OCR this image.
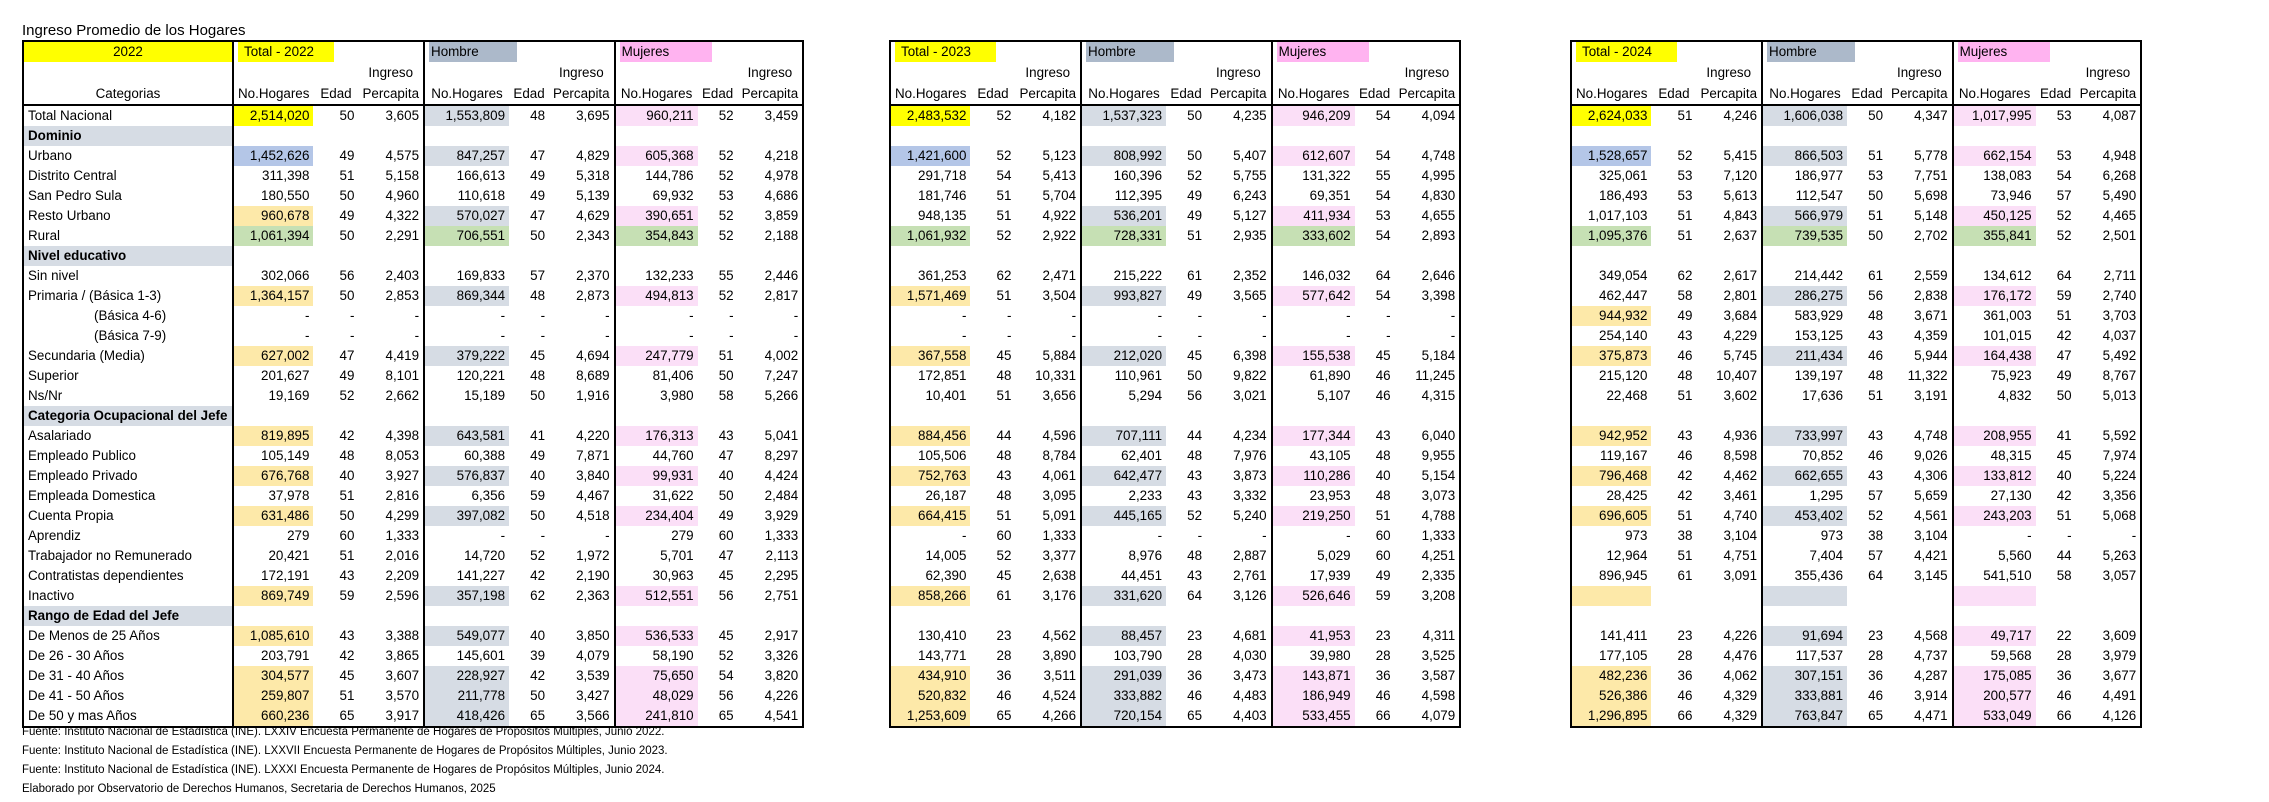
Ingreso Promedio de los Hogares
2022	Total - 2022			Hombre			Mujeres		
			Ingreso			Ingreso			Ingreso
Categorias	No.Hogares	Edad	Percapita	No.Hogares	Edad	Percapita	No.Hogares	Edad	Percapita
Total Nacional	2,514,020	50	3,605	1,553,809	48	3,695	960,211	52	3,459
Dominio									
Urbano	1,452,626	49	4,575	847,257	47	4,829	605,368	52	4,218
Distrito Central	311,398	51	5,158	166,613	49	5,318	144,786	52	4,978
San Pedro Sula	180,550	50	4,960	110,618	49	5,139	69,932	53	4,686
Resto Urbano	960,678	49	4,322	570,027	47	4,629	390,651	52	3,859
Rural	1,061,394	50	2,291	706,551	50	2,343	354,843	52	2,188
Nivel educativo									
Sin nivel	302,066	56	2,403	169,833	57	2,370	132,233	55	2,446
Primaria / (Básica 1-3)	1,364,157	50	2,853	869,344	48	2,873	494,813	52	2,817
(Básica 4-6)	-	-	-	-	-	-	-	-	-
(Básica 7-9)	-	-	-	-	-	-	-	-	-
Secundaria (Media)	627,002	47	4,419	379,222	45	4,694	247,779	51	4,002
Superior	201,627	49	8,101	120,221	48	8,689	81,406	50	7,247
Ns/Nr	19,169	52	2,662	15,189	50	1,916	3,980	58	5,266
Categoria Ocupacional del Jefe									
Asalariado	819,895	42	4,398	643,581	41	4,220	176,313	43	5,041
Empleado Publico	105,149	48	8,053	60,388	49	7,871	44,760	47	8,297
Empleado Privado	676,768	40	3,927	576,837	40	3,840	99,931	40	4,424
Empleada Domestica	37,978	51	2,816	6,356	59	4,467	31,622	50	2,484
Cuenta Propia	631,486	50	4,299	397,082	50	4,518	234,404	49	3,929
Aprendiz	279	60	1,333	-	-	-	279	60	1,333
Trabajador no Remunerado	20,421	51	2,016	14,720	52	1,972	5,701	47	2,113
Contratistas dependientes	172,191	43	2,209	141,227	42	2,190	30,963	45	2,295
Inactivo	869,749	59	2,596	357,198	62	2,363	512,551	56	2,751
Rango de Edad del Jefe									
De Menos de 25 Años	1,085,610	43	3,388	549,077	40	3,850	536,533	45	2,917
De 26 - 30 Años	203,791	42	3,865	145,601	39	4,079	58,190	52	3,326
De 31 - 40 Años	304,577	45	3,607	228,927	42	3,539	75,650	54	3,820
De 41 - 50 Años	259,807	51	3,570	211,778	50	3,427	48,029	56	4,226
De 50 y mas Años	660,236	65	3,917	418,426	65	3,566	241,810	65	4,541
Total - 2023			Hombre			Mujeres		
		Ingreso			Ingreso			Ingreso
No.Hogares	Edad	Percapita	No.Hogares	Edad	Percapita	No.Hogares	Edad	Percapita
2,483,532	52	4,182	1,537,323	50	4,235	946,209	54	4,094

1,421,600	52	5,123	808,992	50	5,407	612,607	54	4,748
291,718	54	5,413	160,396	52	5,755	131,322	55	4,995
181,746	51	5,704	112,395	49	6,243	69,351	54	4,830
948,135	51	4,922	536,201	49	5,127	411,934	53	4,655
1,061,932	52	2,922	728,331	51	2,935	333,602	54	2,893

361,253	62	2,471	215,222	61	2,352	146,032	64	2,646
1,571,469	51	3,504	993,827	49	3,565	577,642	54	3,398
-	-	-	-	-	-	-	-	-
-	-	-	-	-	-	-	-	-
367,558	45	5,884	212,020	45	6,398	155,538	45	5,184
172,851	48	10,331	110,961	50	9,822	61,890	46	11,245
10,401	51	3,656	5,294	56	3,021	5,107	46	4,315

884,456	44	4,596	707,111	44	4,234	177,344	43	6,040
105,506	48	8,784	62,401	48	7,976	43,105	48	9,955
752,763	43	4,061	642,477	43	3,873	110,286	40	5,154
26,187	48	3,095	2,233	43	3,332	23,953	48	3,073
664,415	51	5,091	445,165	52	5,240	219,250	51	4,788
-	60	1,333	-	-	-	-	60	1,333
14,005	52	3,377	8,976	48	2,887	5,029	60	4,251
62,390	45	2,638	44,451	43	2,761	17,939	49	2,335
858,266	61	3,176	331,620	64	3,126	526,646	59	3,208

130,410	23	4,562	88,457	23	4,681	41,953	23	4,311
143,771	28	3,890	103,790	28	4,030	39,980	28	3,525
434,910	36	3,511	291,039	36	3,473	143,871	36	3,587
520,832	46	4,524	333,882	46	4,483	186,949	46	4,598
1,253,609	65	4,266	720,154	65	4,403	533,455	66	4,079
Total - 2024			Hombre			Mujeres		
		Ingreso			Ingreso			Ingreso
No.Hogares	Edad	Percapita	No.Hogares	Edad	Percapita	No.Hogares	Edad	Percapita
2,624,033	51	4,246	1,606,038	50	4,347	1,017,995	53	4,087

1,528,657	52	5,415	866,503	51	5,778	662,154	53	4,948
325,061	53	7,120	186,977	53	7,751	138,083	54	6,268
186,493	53	5,613	112,547	50	5,698	73,946	57	5,490
1,017,103	51	4,843	566,979	51	5,148	450,125	52	4,465
1,095,376	51	2,637	739,535	50	2,702	355,841	52	2,501

349,054	62	2,617	214,442	61	2,559	134,612	64	2,711
462,447	58	2,801	286,275	56	2,838	176,172	59	2,740
944,932	49	3,684	583,929	48	3,671	361,003	51	3,703
254,140	43	4,229	153,125	43	4,359	101,015	42	4,037
375,873	46	5,745	211,434	46	5,944	164,438	47	5,492
215,120	48	10,407	139,197	48	11,322	75,923	49	8,767
22,468	51	3,602	17,636	51	3,191	4,832	50	5,013

942,952	43	4,936	733,997	43	4,748	208,955	41	5,592
119,167	46	8,598	70,852	46	9,026	48,315	45	7,974
796,468	42	4,462	662,655	43	4,306	133,812	40	5,224
28,425	42	3,461	1,295	57	5,659	27,130	42	3,356
696,605	51	4,740	453,402	52	4,561	243,203	51	5,068
973	38	3,104	973	38	3,104	-	-	-
12,964	51	4,751	7,404	57	4,421	5,560	44	5,263
896,945	61	3,091	355,436	64	3,145	541,510	58	3,057

141,411	23	4,226	91,694	23	4,568	49,717	22	3,609
177,105	28	4,476	117,537	28	4,737	59,568	28	3,979
482,236	36	4,062	307,151	36	4,287	175,085	36	3,677
526,386	46	4,329	333,881	46	3,914	200,577	46	4,491
1,296,895	66	4,329	763,847	65	4,471	533,049	66	4,126
Fuente: Instituto Nacional de Estadística (INE). LXXIV Encuesta Permanente de Hogares de Propósitos Múltiples, Junio 2022.
Fuente: Instituto Nacional de Estadística (INE). LXXVII Encuesta Permanente de Hogares de Propósitos Múltiples, Junio 2023.
Fuente: Instituto Nacional de Estadística (INE). LXXXI Encuesta Permanente de Hogares de Propósitos Múltiples, Junio 2024.
Elaborado por Observatorio de Derechos Humanos, Secretaria de Derechos Humanos, 2025
